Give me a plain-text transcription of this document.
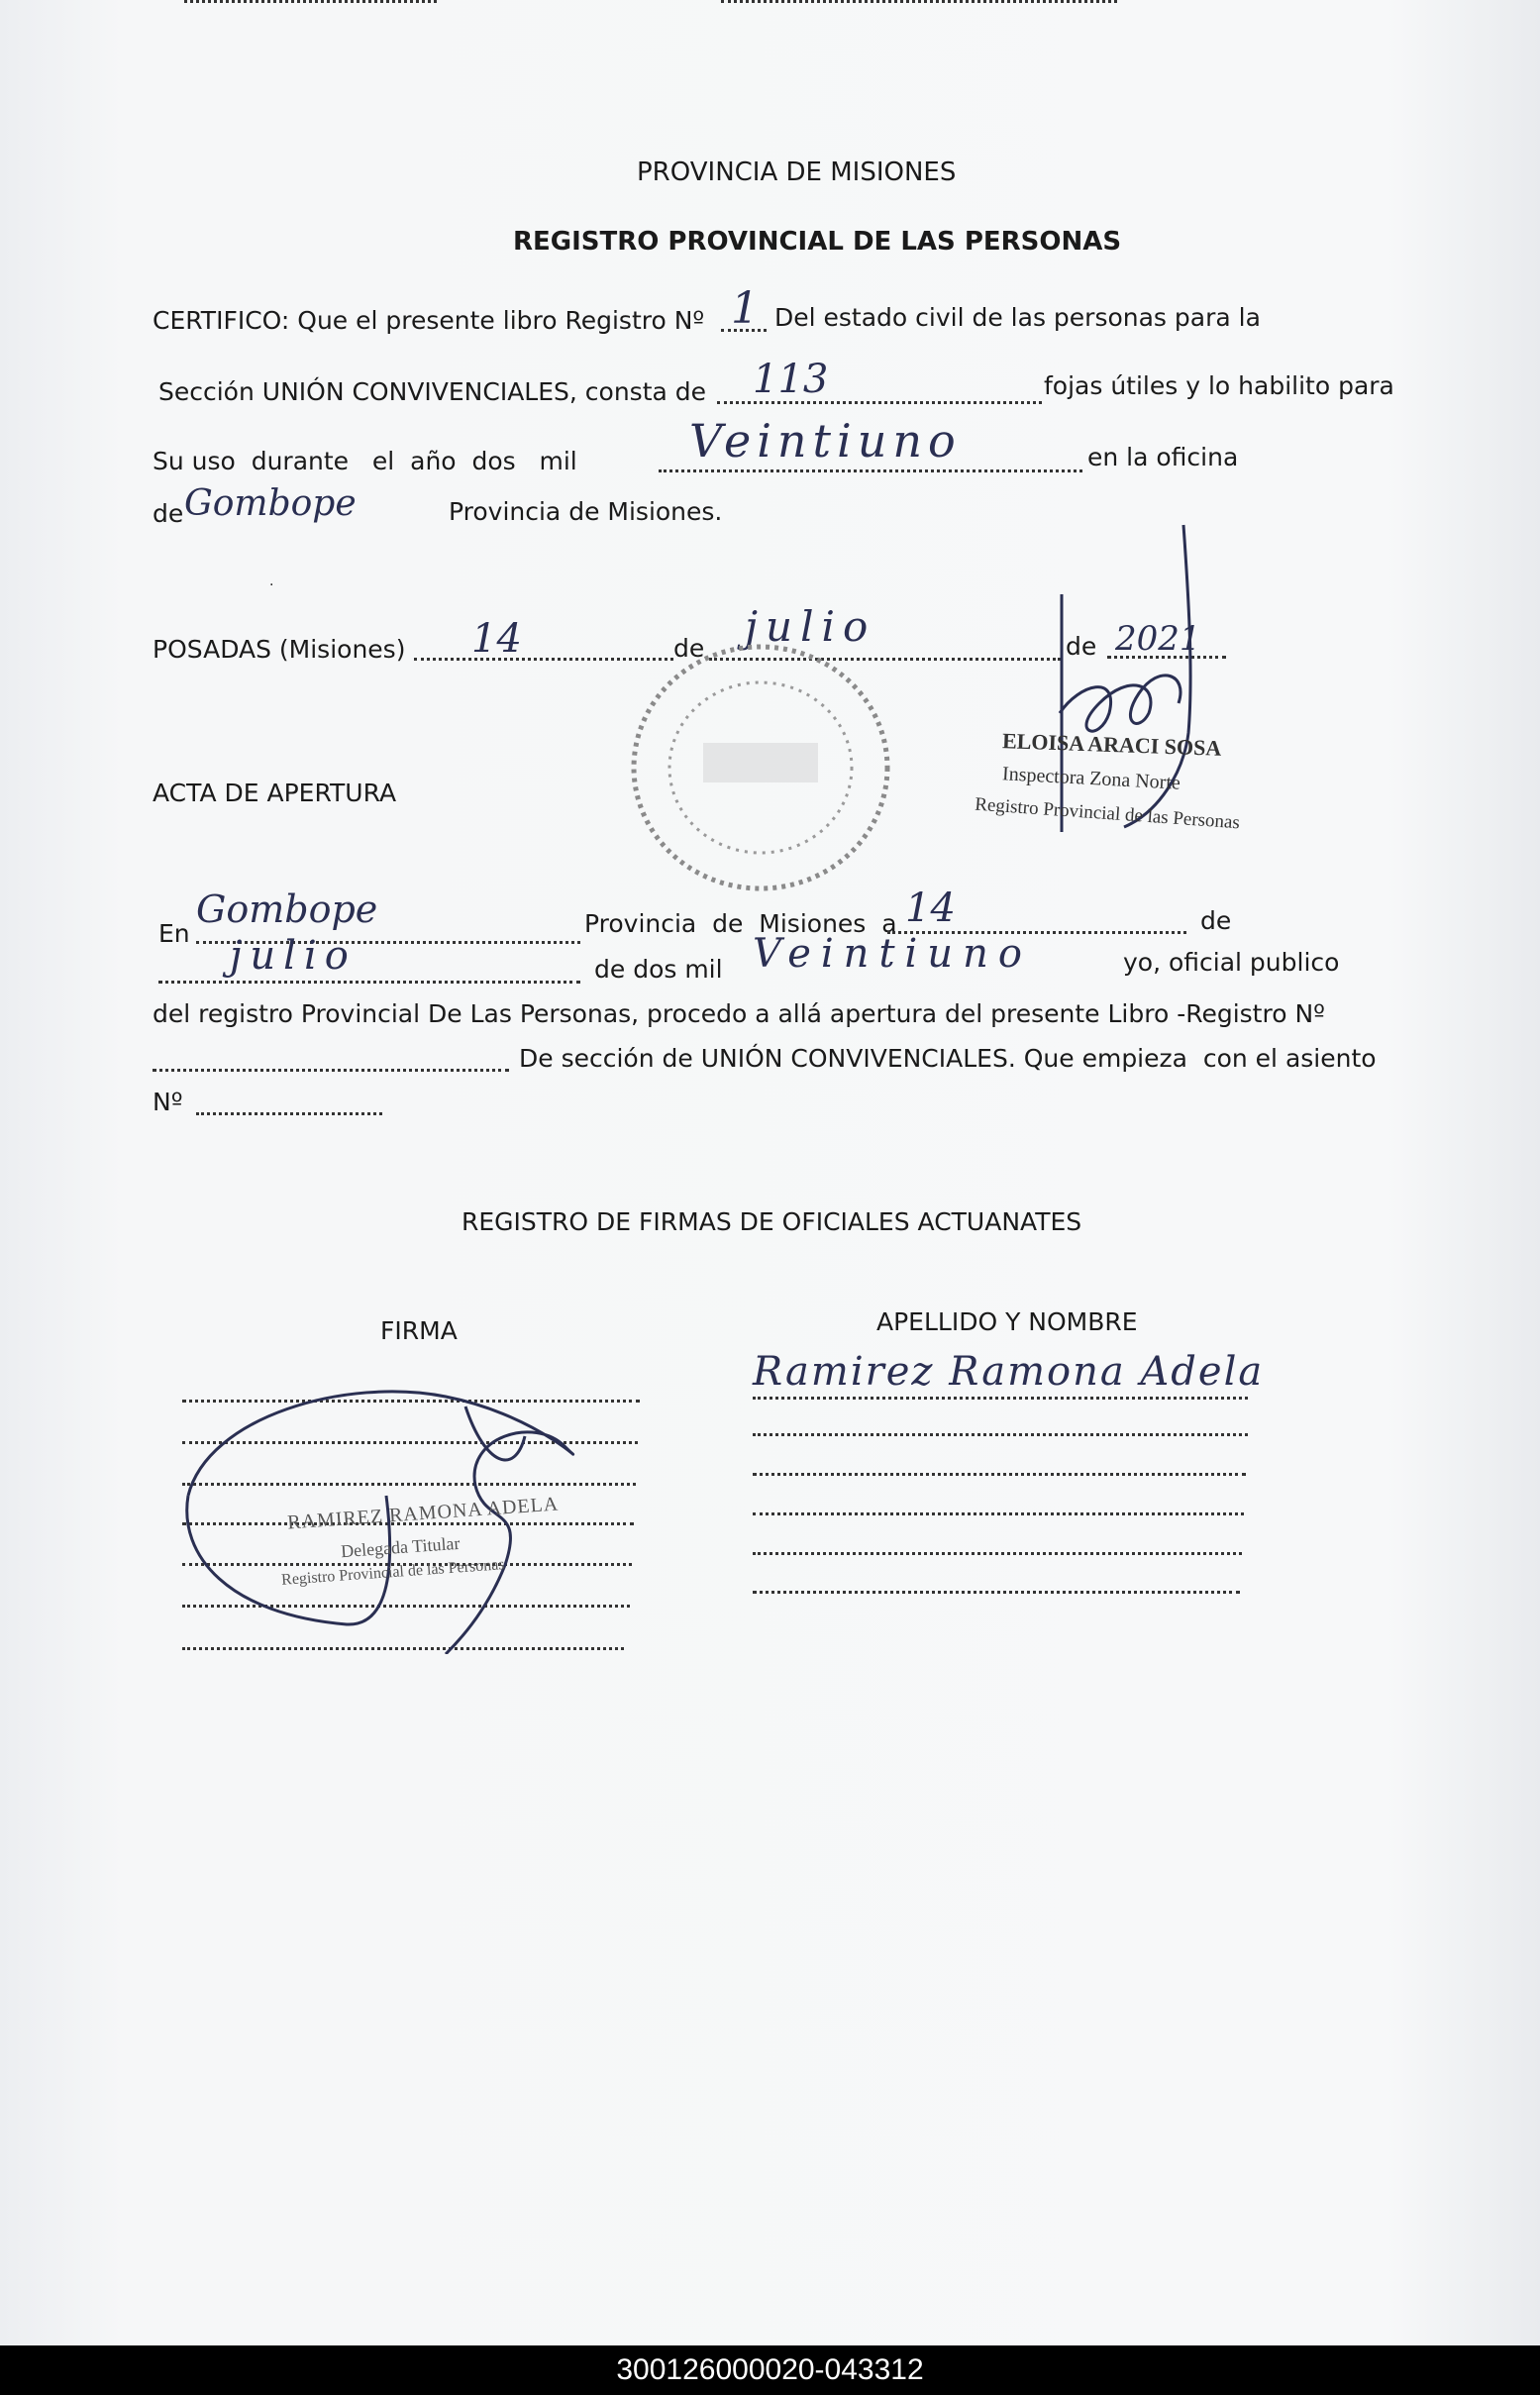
PROVINCIA DE MISIONES
REGISTRO PROVINCIAL DE LAS PERSONAS
CERTIFICO: Que el presente libro Registro Nº 1 Del estado civil de las personas para la
Sección UNIÓN CONVIVENCIALES, consta de 113	fojas útiles y lo habilito para
Su uso  durante   el  año  dos   mil Veintiuno	en la oficina
de Gombope	Provincia de Misiones.
·
POSADAS (Misiones) 14	de julio	de 2021
ACTA DE APERTURA
En
Gombope	Provincia  de  Misiones  a 14	de
julio	de dos mil Veintiuno	yo, oficial publico
del registro Provincial De Las Personas, procedo a allá apertura del presente Libro -Registro Nº
De sección de UNIÓN CONVIVENCIALES. Que empieza  con el asiento
Nº
REGISTRO DE FIRMAS DE OFICIALES ACTUANATES
FIRMA	APELLIDO Y NOMBRE
Ramirez Ramona Adela
ELOISA ARACI SOSA
Inspectora Zona Norte
Registro Provincial de las Personas
RAMIREZ RAMONA ADELA
Delegada Titular
Registro Provincial de las Personas
300126000020-043312
